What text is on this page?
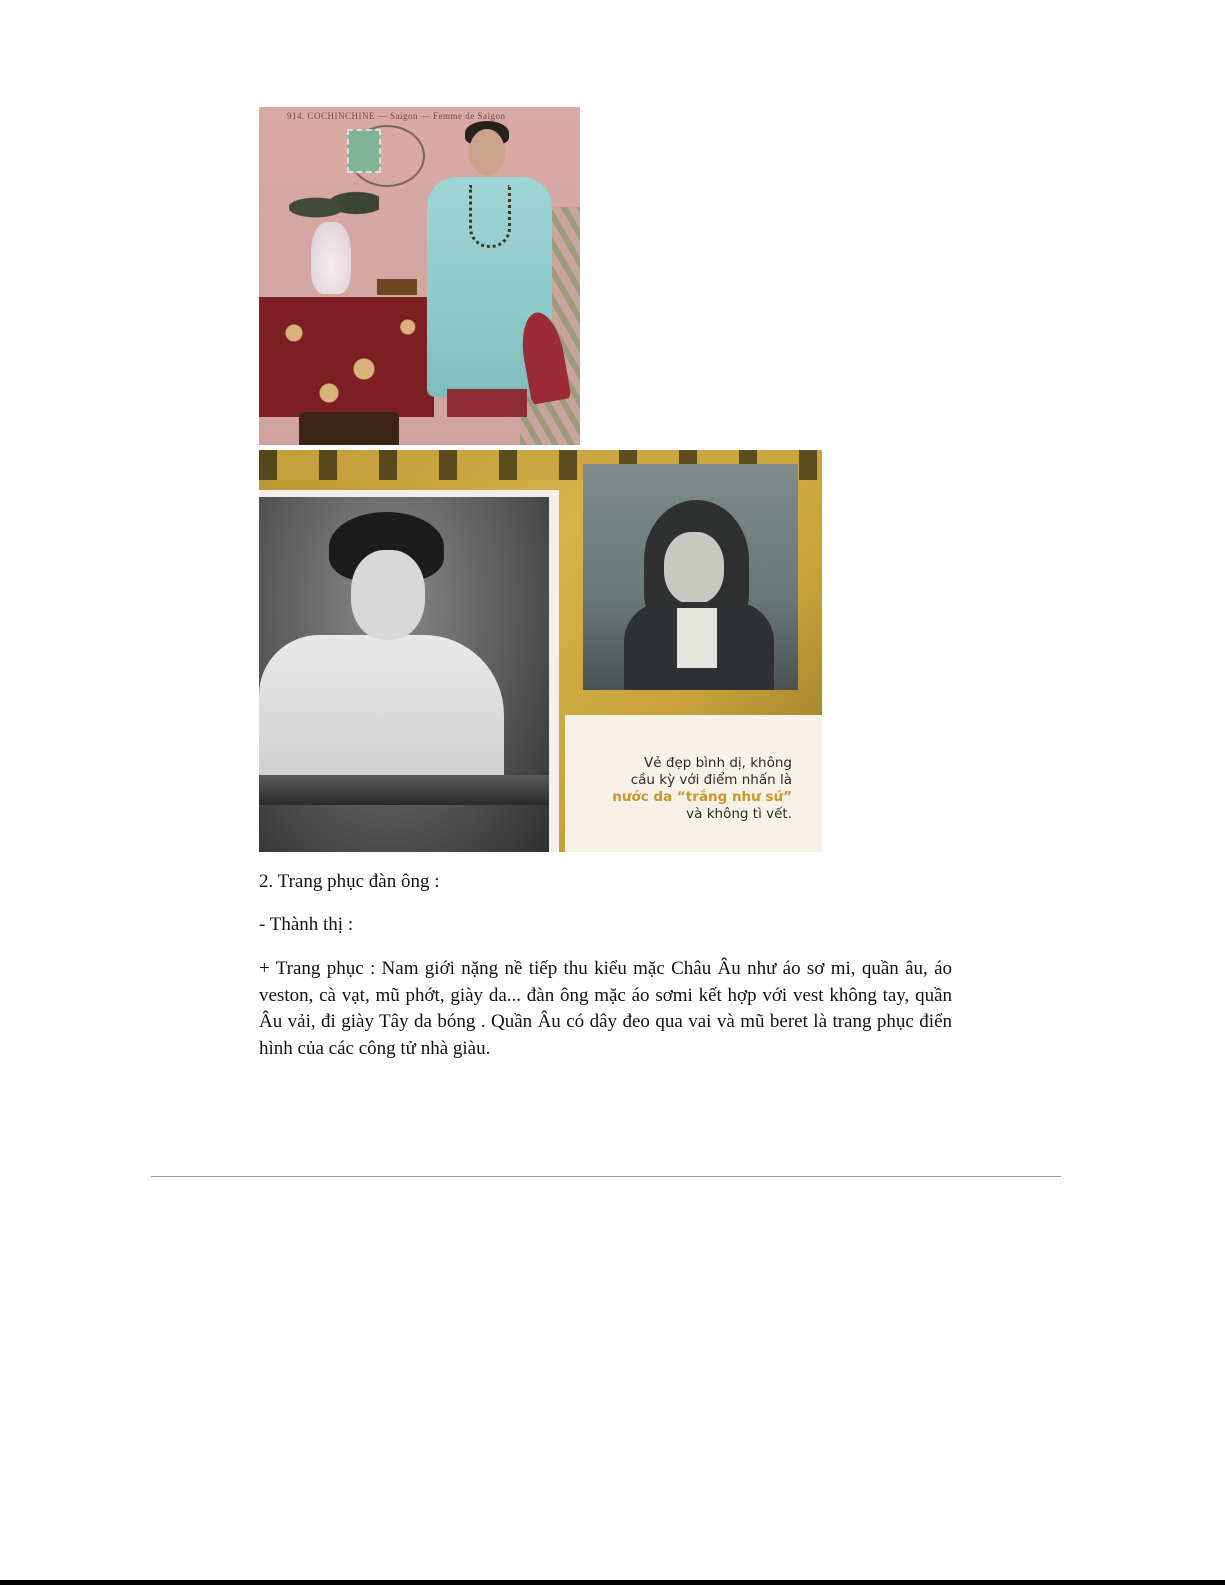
914. COCHINCHINE — Saigon — Femme de Saigon
Vẻ đẹp bình dị, không
cầu kỳ với điểm nhấn là
nước da “trắng như sứ”
và không tì vết.
2. Trang phục đàn ông :
- Thành thị :
+ Trang phục : Nam giới nặng nề tiếp thu kiểu mặc Châu Âu như áo sơ mi, quần âu, áo veston, cà vạt, mũ phớt, giày da... đàn ông mặc áo sơmi kết hợp với vest không tay, quần Âu vải, đi giày Tây da bóng . Quần Âu có dây đeo qua vai và mũ beret là trang phục điển hình của các công tử nhà giàu.
